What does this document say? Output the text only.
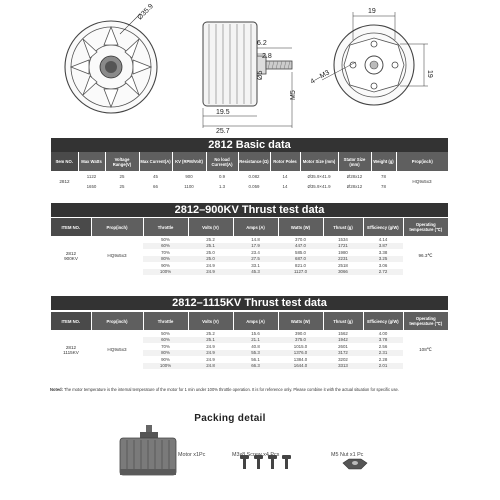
Ø35.9
6.2
2.8
Ø5
M5
19.5
25.7
19
19
4—M3
2812 Basic data
Item NO.	Max Watts	Voltage Range(V)	Max Current(A)	KV (RPM/Volt)	No load Current(A)	Resistance (Ω)	Rotor Poles	Motor Size (mm)	Stator Size (mm)	Weight (g)	Prop(inch)
2812	1122	25	45	900	0.9	0.082	14	Ø35.9×41.9	Ø28x12	78	HQ9x5x3
	1650	25	66	1100	1.3	0.059	14	Ø35.9×41.9	Ø28x12	78	
2812–900KV Thrust test data
ITEM NO.	Prop(inch)	Throttle	Volts (V)	Amps (A)	Watts (W)	Thrust (g)	Efficiency (g/W)	Operating temperature (℃)
2812
900KV	HQ9x5x3	50%	25.2	14.8	370.0	1534	4.14	96.3℃
		60%	25.1	17.9	447.0	1721	3.87	
		70%	25.0	23.4	585.0	1980	3.38	
		80%	25.0	27.5	687.0	2231	3.25	
		90%	24.9	33.1	821.0	2518	3.06	
		100%	24.9	45.3	1127.0	3066	2.72	
2812–1115KV Thrust test data
ITEM NO.	Prop(inch)	Throttle	Volts (V)	Amps (A)	Watts (W)	Thrust (g)	Efficiency (g/W)	Operating temperature (℃)
2812
1115KV	HQ9x5x3	50%	25.2	15.6	390.0	1562	4.00	108℃
		60%	25.1	21.1	375.0	1942	3.78	
		70%	24.9	40.8	1015.0	2601	2.56	
		80%	24.9	55.3	1376.0	3172	2.31	
		90%	24.9	56.1	1384.0	3202	2.28	
		100%	24.8	66.3	1644.0	3313	2.01	
Noted: The motor temperature is the internal temperature of the motor for 1 min under 100% throttle operation. It is for reference only. Please combine it with the actual situation for specific use.
Packing detail
Motor x1Pc	M3x8 Screw x4 Pcs	M5 Nut x1 Pc
